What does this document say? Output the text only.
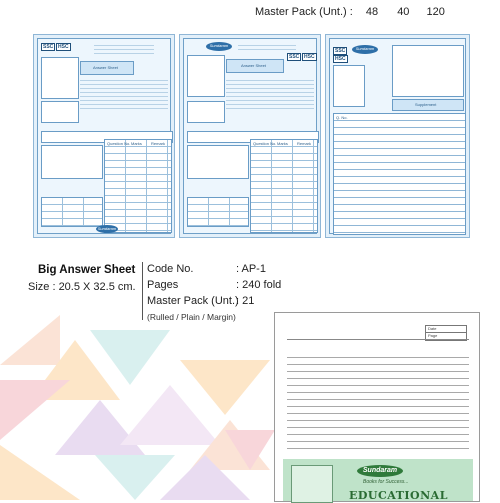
Master Pack (Unt.) : 48 40 120
SSC HSC
Answer Sheet
Question No. Marks Remark
Sundaram
Sundaram
SSC HSC
Answer Sheet
Question No. Marks Remark
SSC
HSC
Sundaram
Supplement
Q. No.
Big Answer Sheet
Size : 20.5 X 32.5 cm.
Code No.	: AP-1
Pages	: 240 fold
Master Pack (Unt.)
: 21
(Rulled / Plain / Margin)
Date
Page
Sundaram
Books for Success...
EDUCATIONAL
